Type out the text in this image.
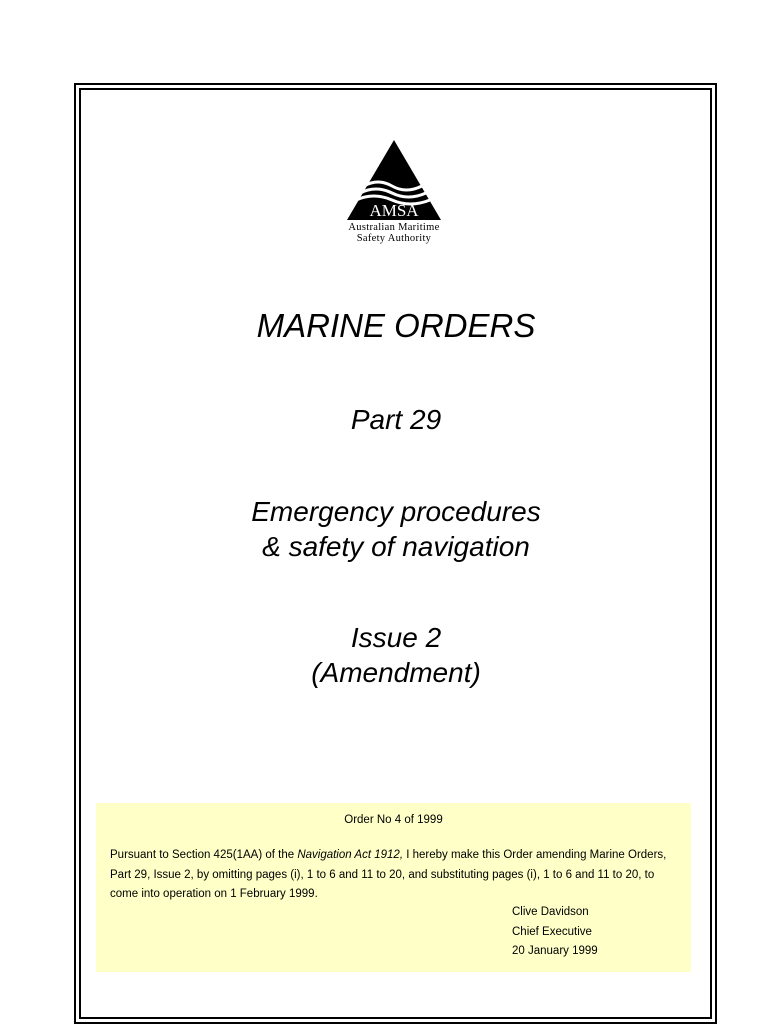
AMSA
Australian Maritime
Safety Authority
MARINE ORDERS
Part 29
Emergency procedures
& safety of navigation
Issue 2
(Amendment)
Order No 4 of 1999
Pursuant to Section 425(1AA) of the Navigation Act 1912, I hereby make this Order amending Marine Orders, Part 29, Issue 2, by omitting pages (i), 1 to 6 and 11 to 20, and substituting pages (i), 1 to 6 and 11 to 20, to come into operation on 1 February 1999.
Clive Davidson
Chief Executive
20 January 1999
